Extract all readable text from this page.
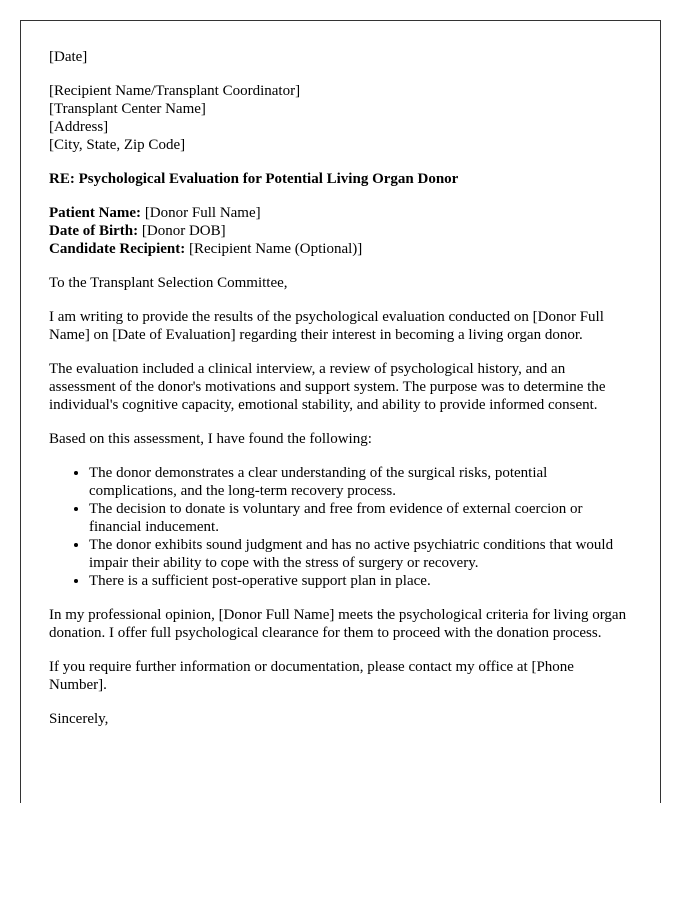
[Date]

[Recipient Name/Transplant Coordinator]
[Transplant Center Name]
[Address]
[City, State, Zip Code]

RE: Psychological Evaluation for Potential Living Organ Donor

Patient Name: [Donor Full Name]
Date of Birth: [Donor DOB]
Candidate Recipient: [Recipient Name (Optional)]

To the Transplant Selection Committee,

I am writing to provide the results of the psychological evaluation conducted on [Donor Full Name] on [Date of Evaluation] regarding their interest in becoming a living organ donor.

The evaluation included a clinical interview, a review of psychological history, and an assessment of the donor's motivations and support system. The purpose was to determine the individual's cognitive capacity, emotional stability, and ability to provide informed consent.

Based on this assessment, I have found the following:

• The donor demonstrates a clear understanding of the surgical risks, potential complications, and the long-term recovery process.
• The decision to donate is voluntary and free from evidence of external coercion or financial inducement.
• The donor exhibits sound judgment and has no active psychiatric conditions that would impair their ability to cope with the stress of surgery or recovery.
• There is a sufficient post-operative support plan in place.

In my professional opinion, [Donor Full Name] meets the psychological criteria for living organ donation. I offer full psychological clearance for them to proceed with the donation process.

If you require further information or documentation, please contact my office at [Phone Number].

Sincerely,
